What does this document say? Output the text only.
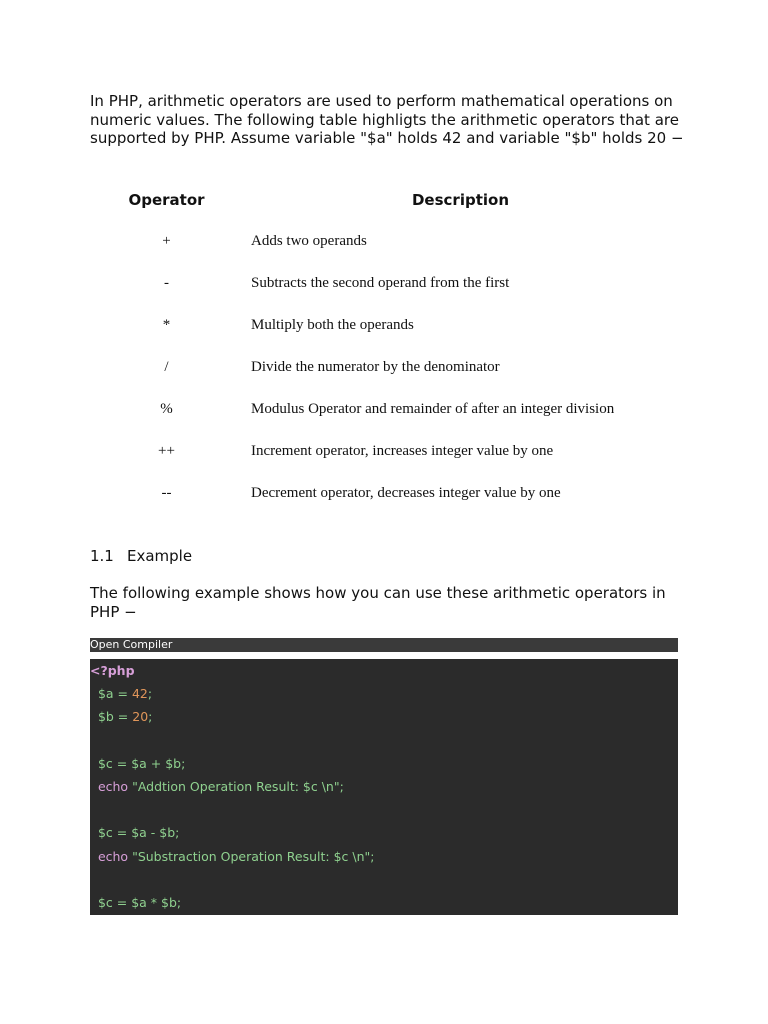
In PHP, arithmetic operators are used to perform mathematical operations on numeric values. The following table highligts the arithmetic operators that are supported by PHP. Assume variable "$a" holds 42 and variable "$b" holds 20 −

Operator	Description
+	Adds two operands
-	Subtracts the second operand from the first
*	Multiply both the operands
/	Divide the numerator by the denominator
%	Modulus Operator and remainder of after an integer division
++	Increment operator, increases integer value by one
--	Decrement operator, decreases integer value by one
1.1 Example

The following example shows how you can use these arithmetic operators in PHP −

Open Compiler
<?php
$a = 42;
$b = 20;
$c = $a + $b;
echo "Addtion Operation Result: $c \n";
$c = $a - $b;
echo "Substraction Operation Result: $c \n";
$c = $a * $b;
